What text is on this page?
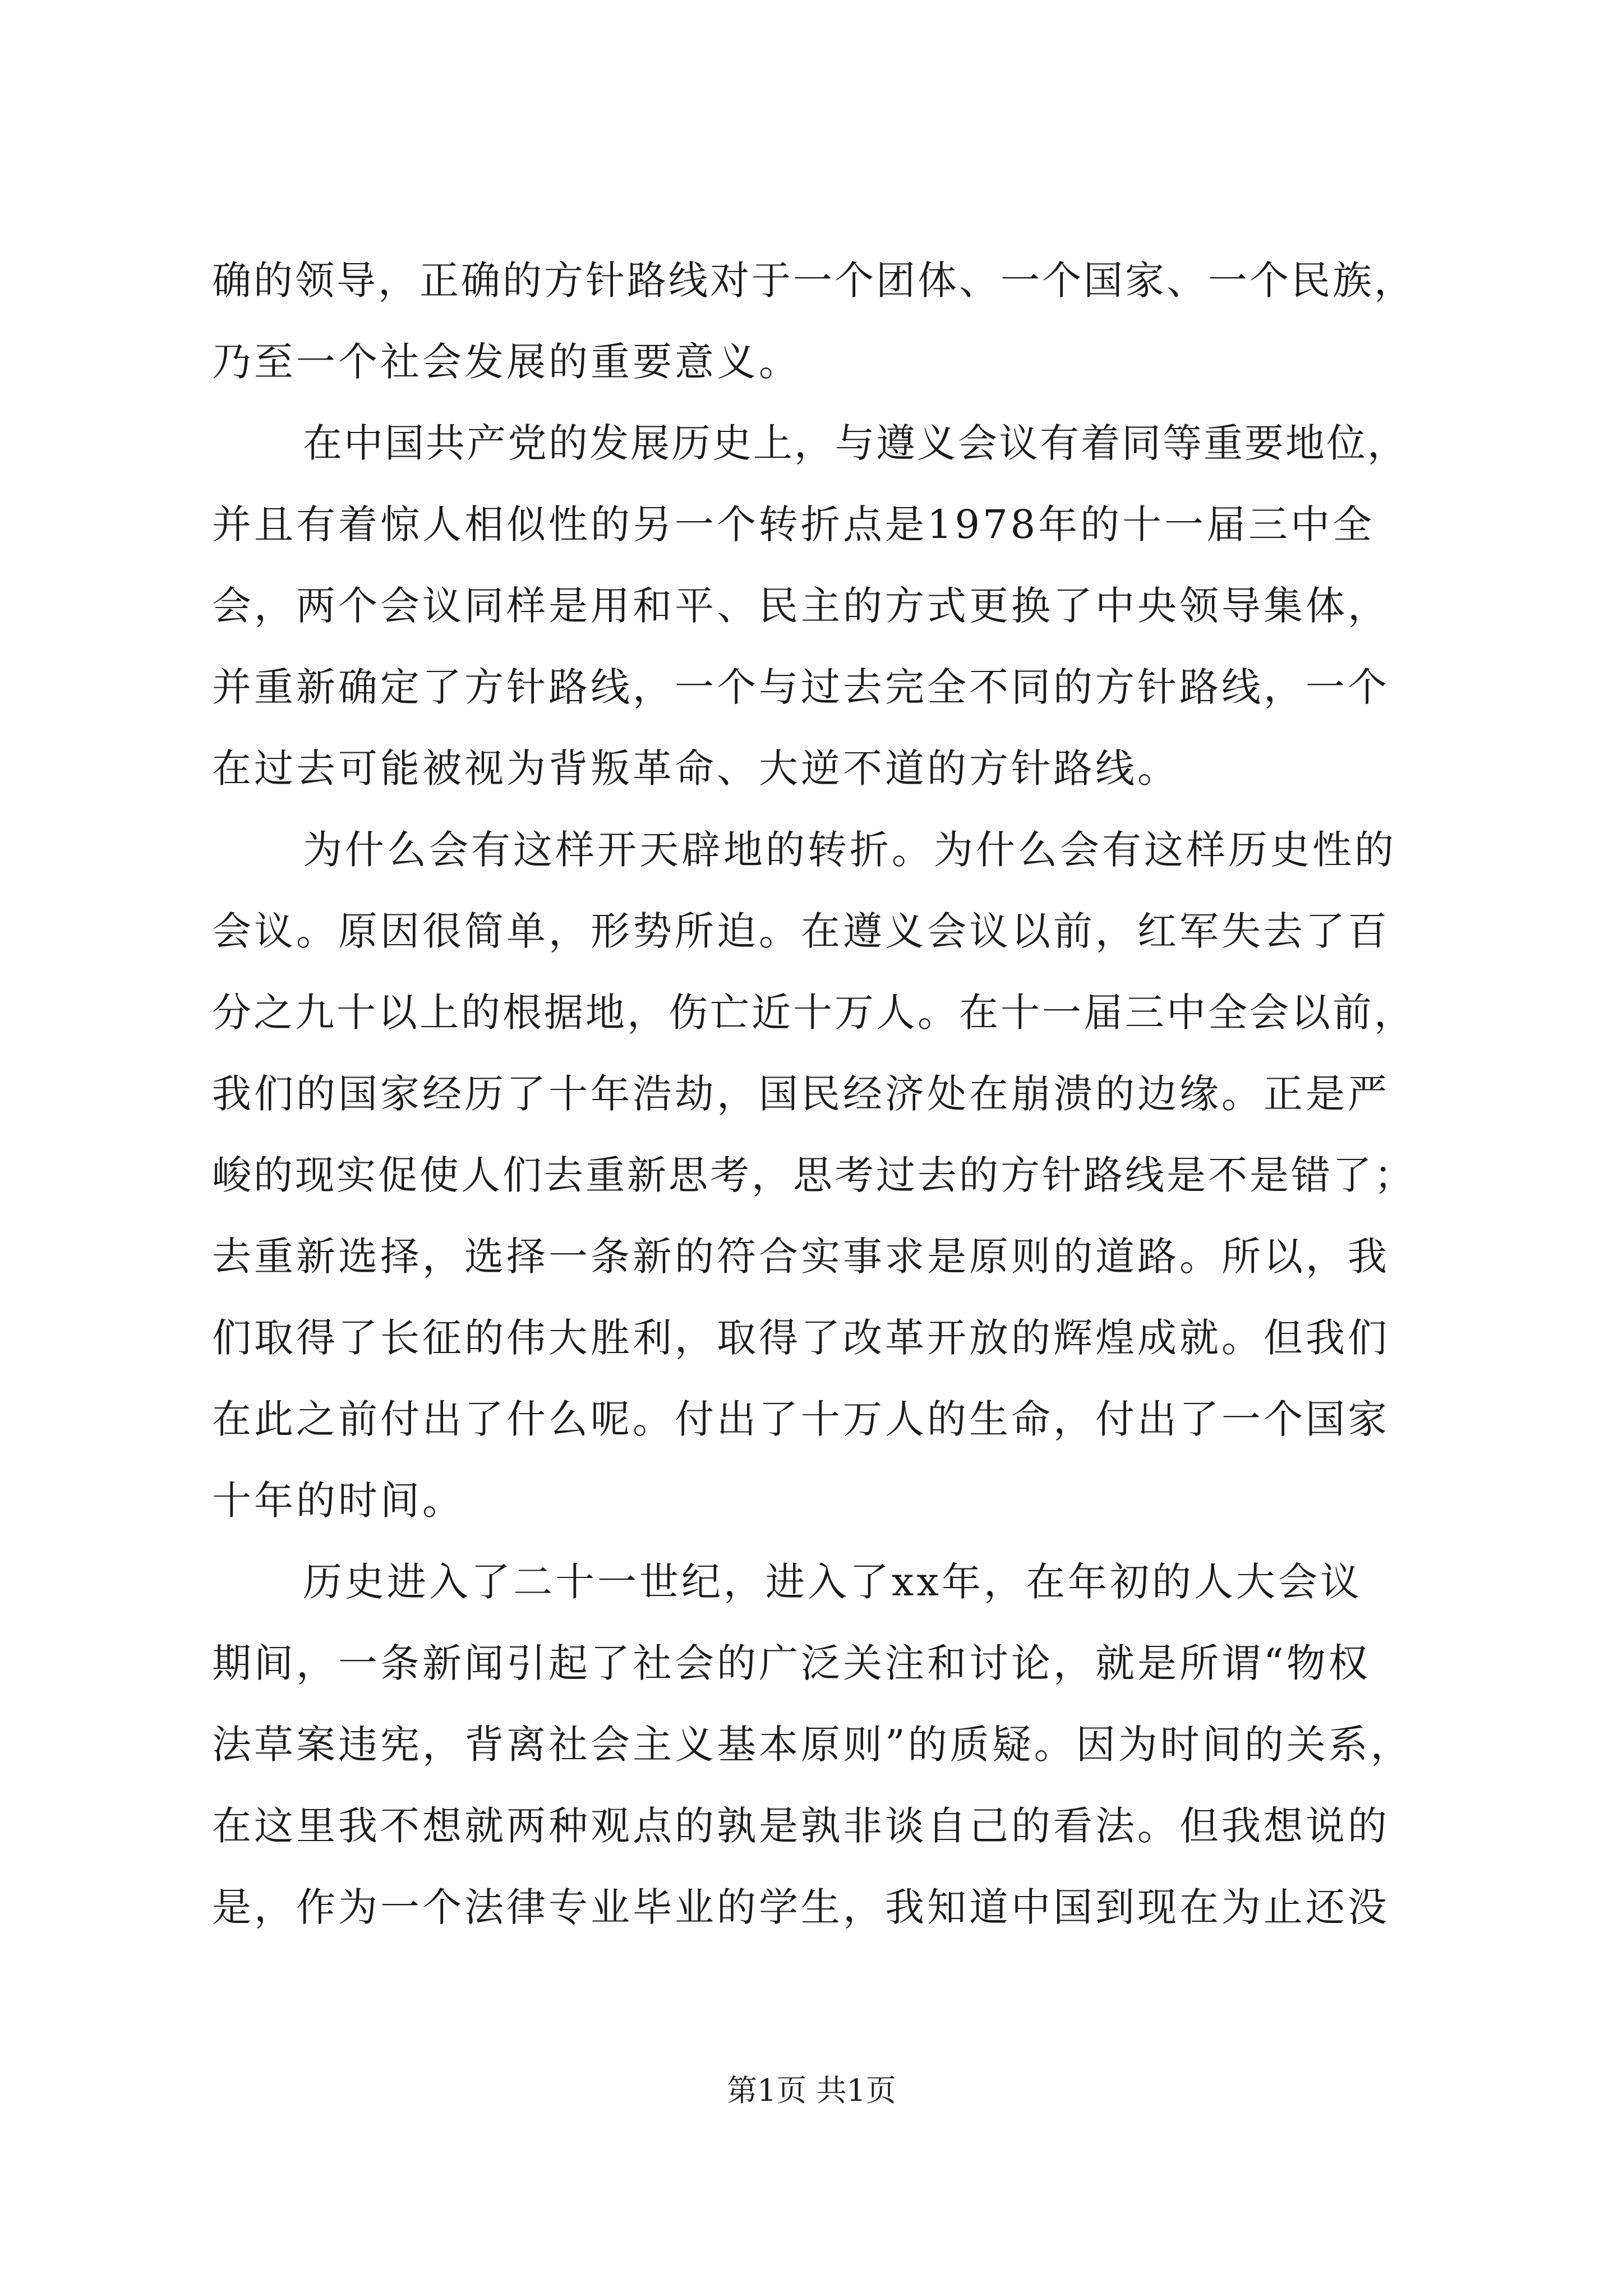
确的领导，正确的方针路线对于一个团体、一个国家、一个民族，
乃至一个社会发展的重要意义。
在中国共产党的发展历史上，与遵义会议有着同等重要地位，
并且有着惊人相似性的另一个转折点是1978年的十一届三中全
会，两个会议同样是用和平、民主的方式更换了中央领导集体，
并重新确定了方针路线，一个与过去完全不同的方针路线，一个
在过去可能被视为背叛革命、大逆不道的方针路线。
为什么会有这样开天辟地的转折。为什么会有这样历史性的
会议。原因很简单，形势所迫。在遵义会议以前，红军失去了百
分之九十以上的根据地，伤亡近十万人。在十一届三中全会以前，
我们的国家经历了十年浩劫，国民经济处在崩溃的边缘。正是严
峻的现实促使人们去重新思考，思考过去的方针路线是不是错了；
去重新选择，选择一条新的符合实事求是原则的道路。所以，我
们取得了长征的伟大胜利，取得了改革开放的辉煌成就。但我们
在此之前付出了什么呢。付出了十万人的生命，付出了一个国家
十年的时间。
历史进入了二十一世纪，进入了xx年，在年初的人大会议
期间，一条新闻引起了社会的广泛关注和讨论，就是所谓“物权
法草案违宪，背离社会主义基本原则”的质疑。因为时间的关系，
在这里我不想就两种观点的孰是孰非谈自己的看法。但我想说的
是，作为一个法律专业毕业的学生，我知道中国到现在为止还没
第1页 共1页
